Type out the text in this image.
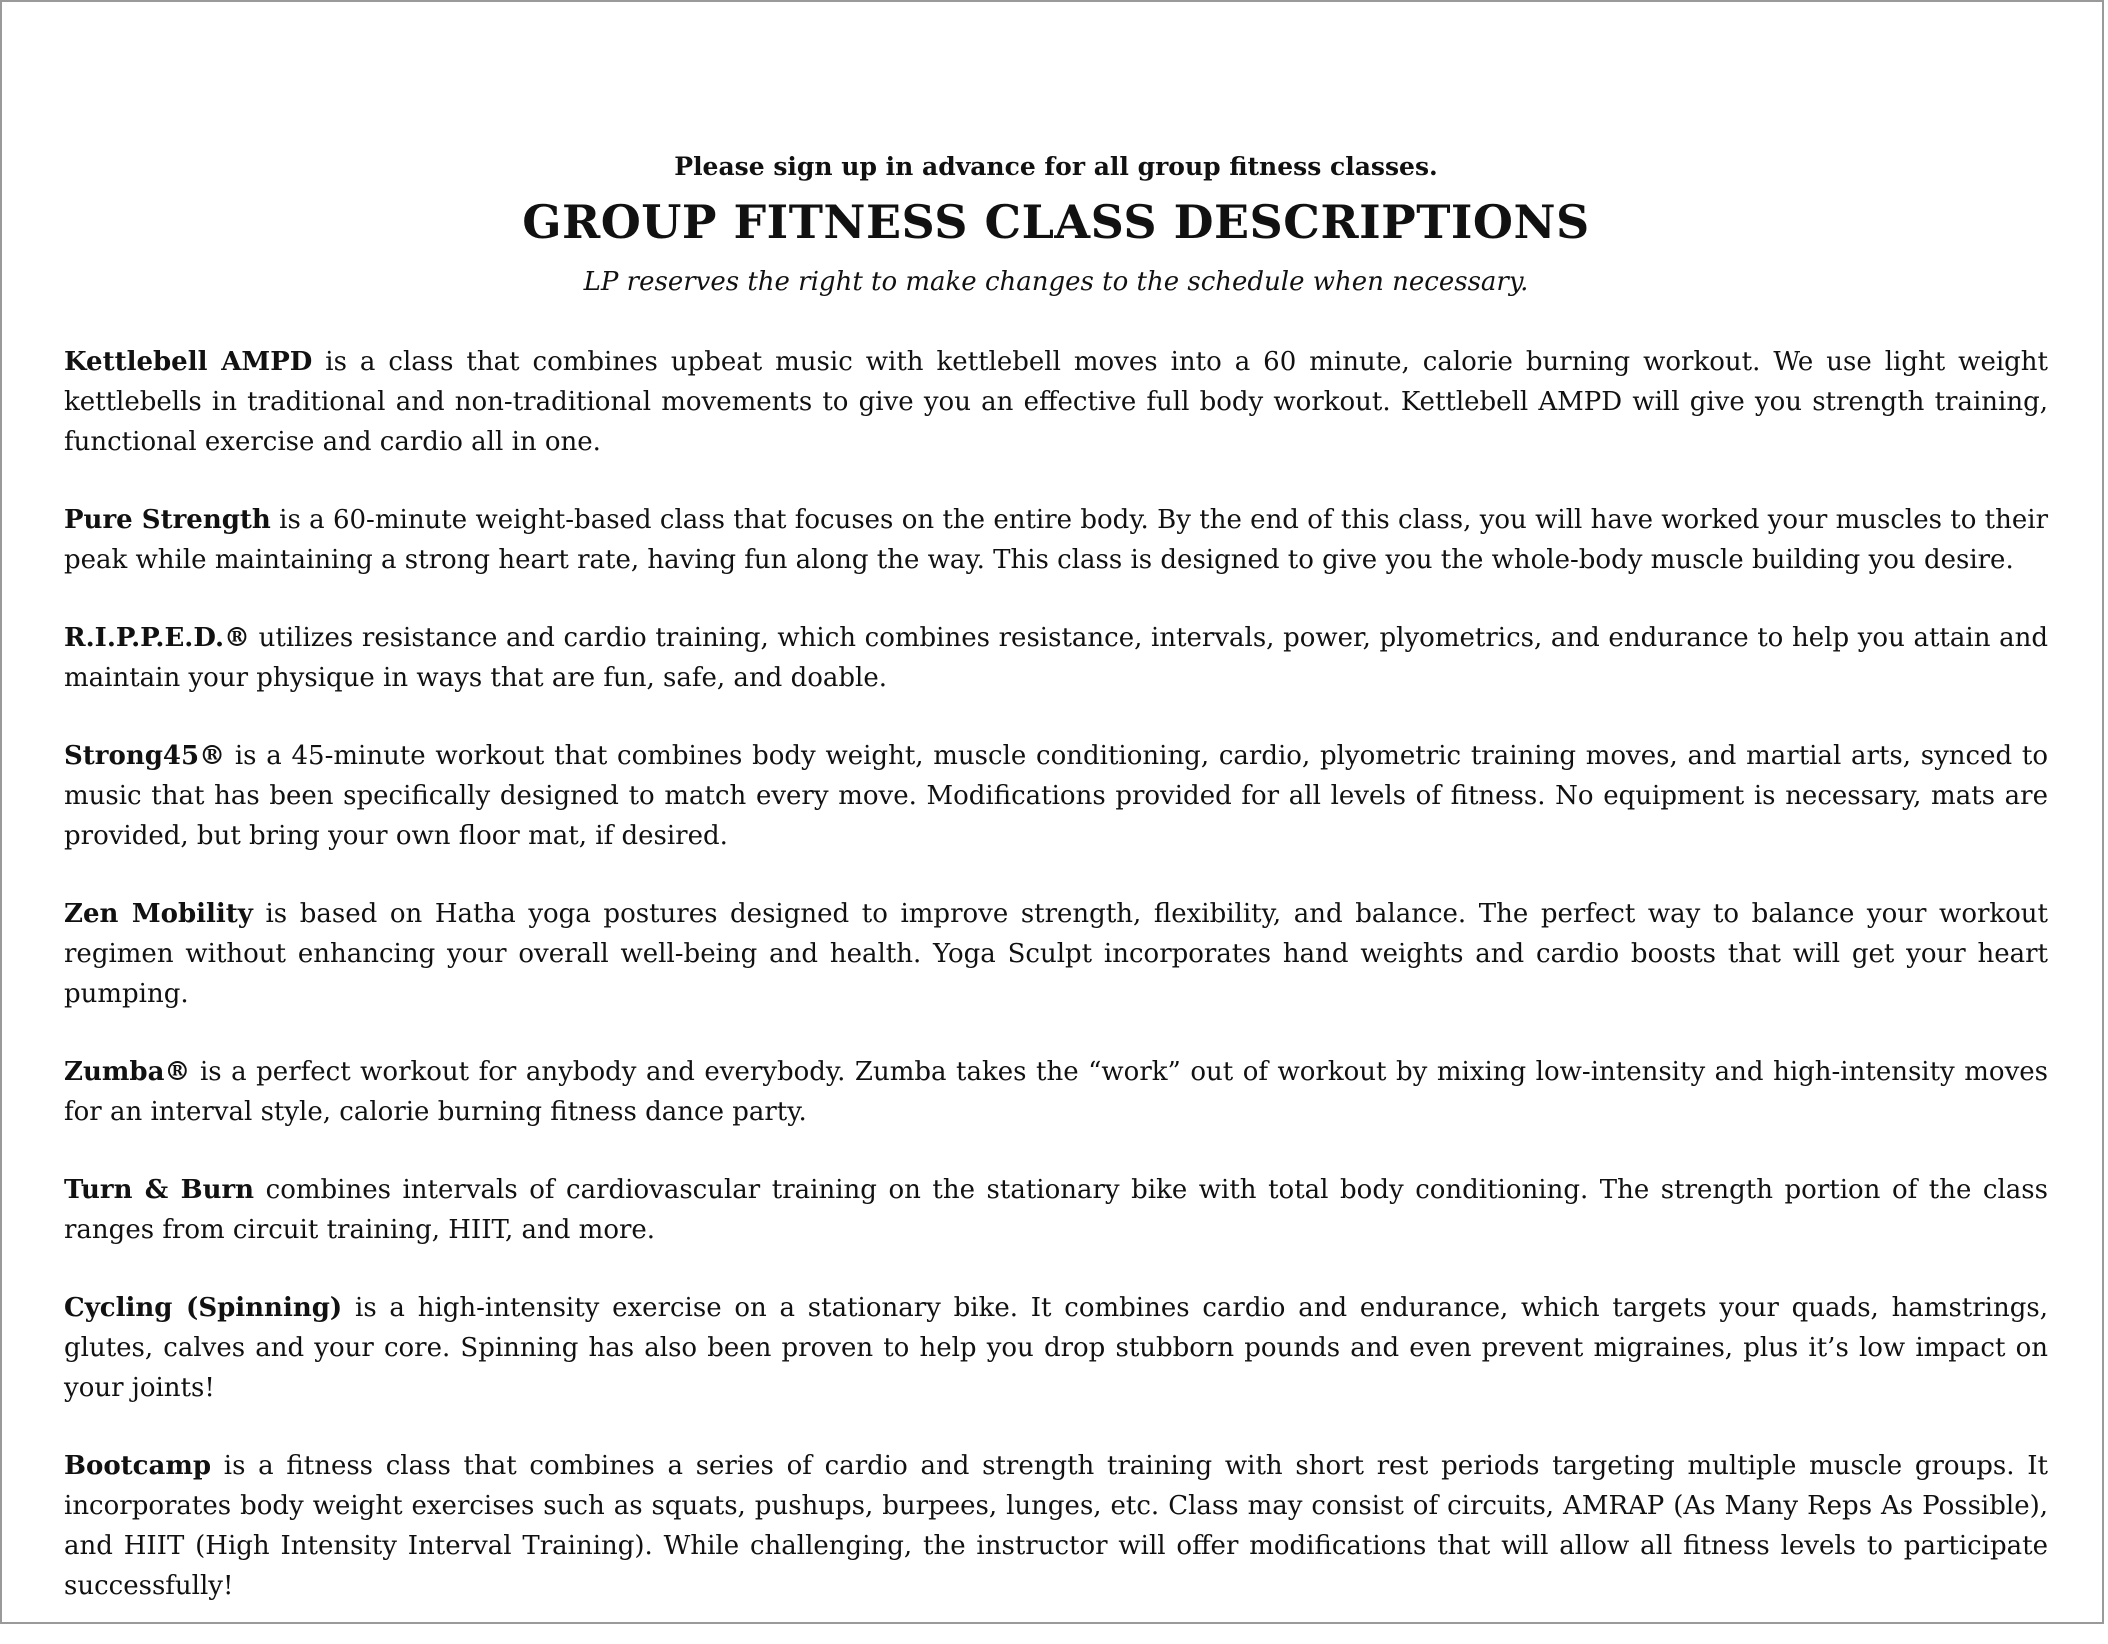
Please sign up in advance for all group fitness classes.

GROUP FITNESS CLASS DESCRIPTIONS

LP reserves the right to make changes to the schedule when necessary.

Kettlebell AMPD is a class that combines upbeat music with kettlebell moves into a 60 minute, calorie burning workout. We use light weight kettlebells in traditional and non-traditional movements to give you an effective full body workout. Kettlebell AMPD will give you strength training, functional exercise and cardio all in one.

Pure Strength is a 60-minute weight-based class that focuses on the entire body. By the end of this class, you will have worked your muscles to their peak while maintaining a strong heart rate, having fun along the way. This class is designed to give you the whole-body muscle building you desire.

R.I.P.P.E.D.® utilizes resistance and cardio training, which combines resistance, intervals, power, plyometrics, and endurance to help you attain and maintain your physique in ways that are fun, safe, and doable.

Strong45® is a 45-minute workout that combines body weight, muscle conditioning, cardio, plyometric training moves, and martial arts, synced to music that has been specifically designed to match every move. Modifications provided for all levels of fitness. No equipment is necessary, mats are provided, but bring your own floor mat, if desired.

Zen Mobility is based on Hatha yoga postures designed to improve strength, flexibility, and balance. The perfect way to balance your workout regimen without enhancing your overall well-being and health. Yoga Sculpt incorporates hand weights and cardio boosts that will get your heart pumping.

Zumba® is a perfect workout for anybody and everybody. Zumba takes the “work” out of workout by mixing low-intensity and high-intensity moves for an interval style, calorie burning fitness dance party.

Turn & Burn combines intervals of cardiovascular training on the stationary bike with total body conditioning. The strength portion of the class ranges from circuit training, HIIT, and more.

Cycling (Spinning) is a high-intensity exercise on a stationary bike. It combines cardio and endurance, which targets your quads, hamstrings, glutes, calves and your core. Spinning has also been proven to help you drop stubborn pounds and even prevent migraines, plus it’s low impact on your joints!

Bootcamp is a fitness class that combines a series of cardio and strength training with short rest periods targeting multiple muscle groups. It incorporates body weight exercises such as squats, pushups, burpees, lunges, etc. Class may consist of circuits, AMRAP (As Many Reps As Possible), and HIIT (High Intensity Interval Training). While challenging, the instructor will offer modifications that will allow all fitness levels to participate successfully!
